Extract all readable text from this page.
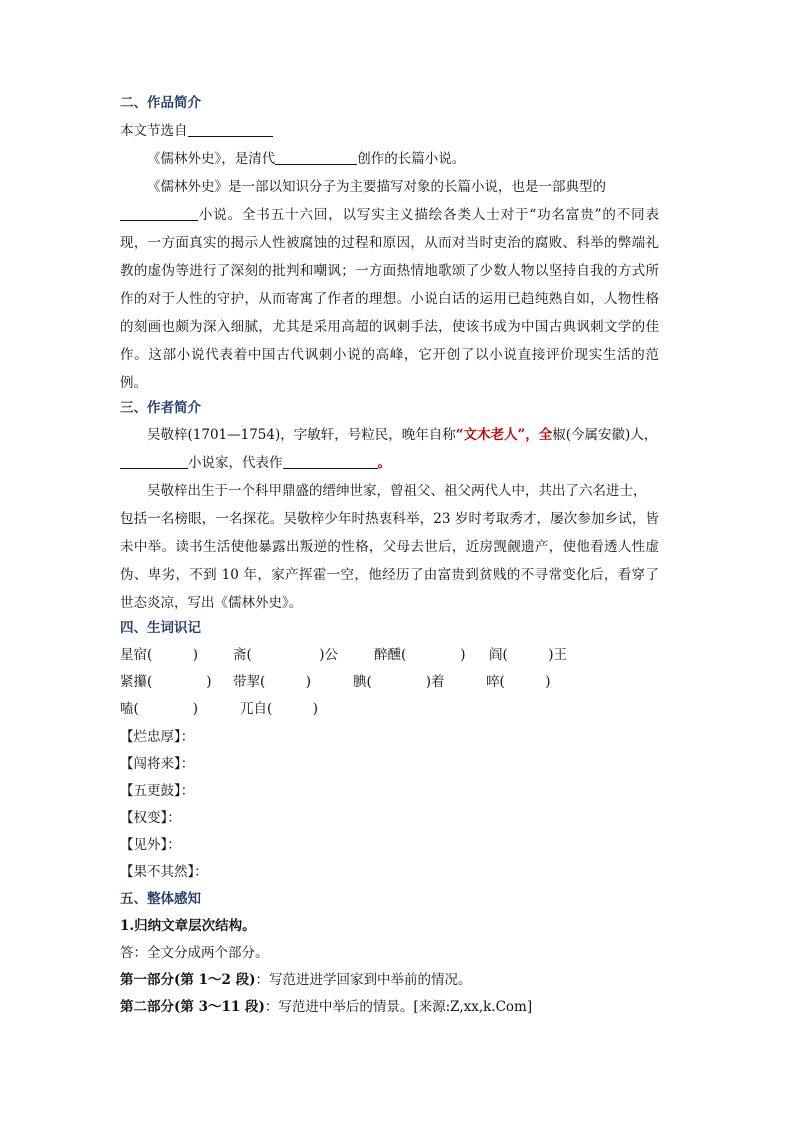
二、作品简介
本文节选自
《儒林外史》，是清代	创作的长篇小说。
《儒林外史》是一部以知识分子为主要描写对象的长篇小说，也是一部典型的
小说。全书五十六回，以写实主义描绘各类人士对于“功名富贵”的不同表
现，一方面真实的揭示人性被腐蚀的过程和原因，从而对当时吏治的腐败、科举的弊端礼
教的虚伪等进行了深刻的批判和嘲讽；一方面热情地歌颂了少数人物以坚持自我的方式所
作的对于人性的守护，从而寄寓了作者的理想。小说白话的运用已趋纯熟自如，人物性格
的刻画也颇为深入细腻，尤其是采用高超的讽刺手法，使该书成为中国古典讽刺文学的佳
作。这部小说代表着中国古代讽刺小说的高峰，它开创了以小说直接评价现实生活的范
例。
三、作者简介
吴敬梓(1701—1754)，字敏轩，号粒民，晚年自称“文木老人”，全椒(今属安徽)人，
小说家，代表作	。
吴敬梓出生于一个科甲鼎盛的缙绅世家，曾祖父、祖父两代人中，共出了六名进士，
包括一名榜眼，一名探花。吴敬梓少年时热衷科举，23 岁时考取秀才，屡次参加乡试，皆
未中举。读书生活使他暴露出叛逆的性格，父母去世后，近房觊觎遗产，使他看透人性虚
伪、卑劣，不到 10 年，家产挥霍一空，他经历了由富贵到贫贱的不寻常变化后，看穿了
世态炎凉，写出《儒林外史》。
四、生词识记
星宿(　　　)	斋(　　　　　)公	醉醺(　　　　) 阎(　　　)王
紧攥(　　　　) 带挈(　　　)	腆(　　　　)着	啐(　　　)
嗑(　　　　)	兀自(　　　)
【烂忠厚】：
【闯将来】：
【五更鼓】：
【权变】：
【见外】：
【果不其然】：
五、整体感知
1.归纳文章层次结构。
答：全文分成两个部分。
第一部分(第 1～2 段)：写范进进学回家到中举前的情况。
第二部分(第 3～11 段)：写范进中举后的情景。[来源:Z,xx,k.Com]
